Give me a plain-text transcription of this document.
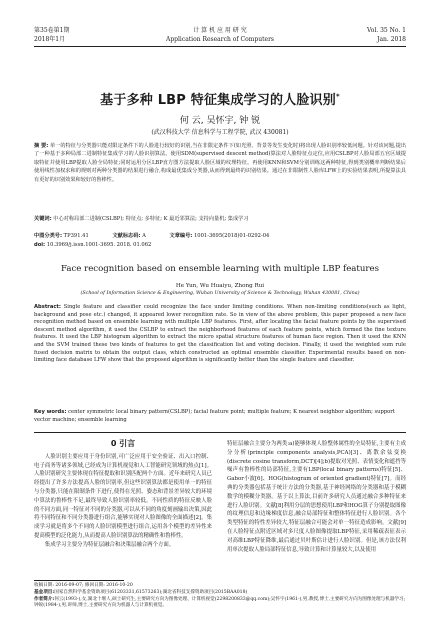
第35卷第1期
2018年1月
计 算 机 应 用 研 究
Application Research of Computers
Vol. 35 No. 1
Jan. 2018
基于多种 LBP 特征集成学习的人脸识别*
何 云, 吴怀宇, 钟 锐
(武汉科技大学 信息科学与工程学院, 武汉 430081)
摘 要: 单一的特征与分类器只能对限定条件下的人脸进行较好的识别,当在非限定条件下(如光照、背景等发生变化时)将出现人脸识别率较低问题。针对该问题,提出了一种基于多种局部二进制特征集成学习的人脸识别算法。使用SDM(supervised descent method)算法对人脸特征点定位,应用CSLBP对人脸局部五官区域提取特征并使用LBP提取人脸全局特征;同时运用分区LBP直方图方法提取人脸区域的纹理特征。再使用KNN和SVM分别训练这两种特征,得到类别概率判断结果后使用线性加权求和的规则对两种分类器的结果进行融合,构成最优集成分类器,从而得到最终的识别结果。通过在非限制性人脸库LFW上的实验结果表明,所提算法具有更好的识别效果和较好的鲁棒性。
关键词: 中心对称局部二进制(CSLBP); 特征点; 多特征; K 最近邻算法; 支持向量机; 集成学习
中图分类号: TP391.41	文献标志码: A	文章编号: 1001-3695(2018)01-0292-04
doi: 10.3969/j.issn.1001-3695. 2018. 01.062
Face recognition based on ensemble learning with multiple LBP features
He Yun, Wu Huaiyu, Zhong Rui
(School of Information Science & Engineering, Wuhan University of Science & Technology, Wuhan 430081, China)
Abstract: Single feature and classifier could recognize the face under limiting conditions. When non-limiting conditions(such as light, background and pose etc.) changed, it appeared lower recognition rate. So in view of the above problem, this paper proposed a new face recognition method based on ensemble learning with multiple LBP features. First, after locating the facial feature points by the supervised descent method algorithm, it used the CSLBP to extract the neighborhood features of each feature points, which formed the fine texture features. It used the LBP histogram algorithm to extract the micro spatial structure features of human face region. Then it used the KNN and the SVM trained these two kinds of features to get the classification list and voting decision. Finally, it used the weighted sum rule fused decision matrix to obtain the output class, which constructed an optimal ensemble classifier. Experimental results based on non-limiting face database LFW show that the proposed algorithm is significantly better than the single feature and classifier.
Key words: center symmetric local binary pattern(CSLBP); facial feature point; multiple feature; K nearest neighbor algorithm; support vector machine; ensemble learning
0 引言

人脸识别主要应用于身份识别,可广泛应用于安全验证、出入口控制、电子商务等诸多领域,已经成为计算机视觉和人工智能研究领域的热点[1]。人脸识别研究主要体现在特征提取和识别匹配两个方面。近年来研究人员已经提出了许多方法提高人脸的识别率,但这些识别算法都是使用单一的特征与分类器,只能在限制条件下进行,使得在光照、姿态和背景差异较大的环境中算法的鲁棒性不足,最终导致人脸识别率较低。不同性质的特征反映人脸的不同方面,同一特征对不同的分类器,可以从不同的角度刻画输出决策,因此将不同特征和不同分类器进行组合,能够实现对人脸图像的全面描述[2]。集成学习就是将多个不同的人脸识别模型进行组合,运用各个模型的差异性来提高模型的泛化能力,从而提高人脸识别算法的精确性和鲁棒性。

集成学习主要分为特征层融合和决策层融合两个方面。

特征层融合主要分为两类:a)能够体现人脸整体属性的全局特征,主要有主成分分析(principle components analysis,PCA)[3]、离散余弦变换(discrete cosine transform,DCT)[4];b)提取对光照、表情变化和遮挡等噪声有鲁棒性的局部特征,主要有LBP(local binary patterns)特征[5]、Gabor小波[6]、HOG(histogram of oriented gradient)特征[7]。而经典的分类器包括基于统计方法的分类器,基于神经网络的分类器和基于模糊数学的模糊分类器。基于以上算法,目前许多研究人员通过融合多种特征来进行人脸识别。文献[8]利用分层的思想使用LBP和HOG算子分别提取图像的纹理信息和边缘梯度信息,融合局部特征和整体特征进行人脸识别。各个类型特征的特性差异较大,特征层融合可能会对单一特征造成影响。文献[9]在人脸特征点附近区域对多尺度人脸图像提取LBP特征,采用稀疏表征表示对高维LBP特征降维,最后通过贝叶斯估计进行人脸识别。但是,该方法仅利用单次提取人脸局部特征信息,导致计算和计算量较大,以及使用

收稿日期: 2016-09-07; 修回日期: 2016-10-20
基金项目:国家自然科学基金资助项目(61203331,61573263);湖北省科技支撑资助项目(2015BAA018)
作者简介:何云(1993-),女,湖北十堰人,硕士研究生,主要研究方向为图像处理、计算机视觉(2298200833@qq.com);吴怀宇(1961-),男,教授,博士,主要研究方向为图像处理与机器学习;钟锐(1984-),男,讲师,博士,主要研究方向为机器人与计算机视觉。
